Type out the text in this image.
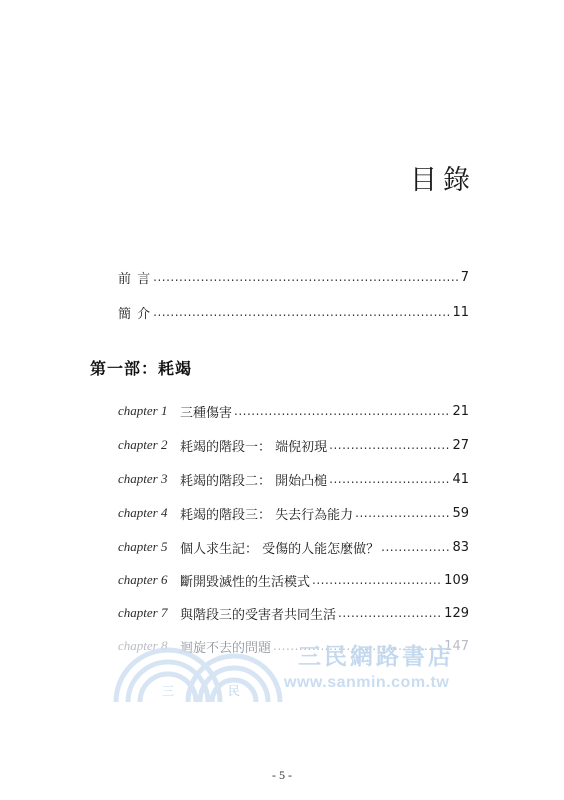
目錄
前 言 .....	7
簡 介 .....	11
第一部：耗竭
chapter 1 三種傷害 .....	21
chapter 2 耗竭的階段一： 端倪初現 .....	27
chapter 3 耗竭的階段二： 開始凸槌 .....	41
chapter 4 耗竭的階段三： 失去行為能力 .....	59
chapter 5 個人求生記： 受傷的人能怎麼做？ .....	83
chapter 6 斷開毀滅性的生活模式 .....	109
chapter 7 與階段三的受害者共同生活 .....	129
chapter 8 迴旋不去的問題 .....	147
三	民
三民網路書店
www.sanmin.com.tw
- 5 -
